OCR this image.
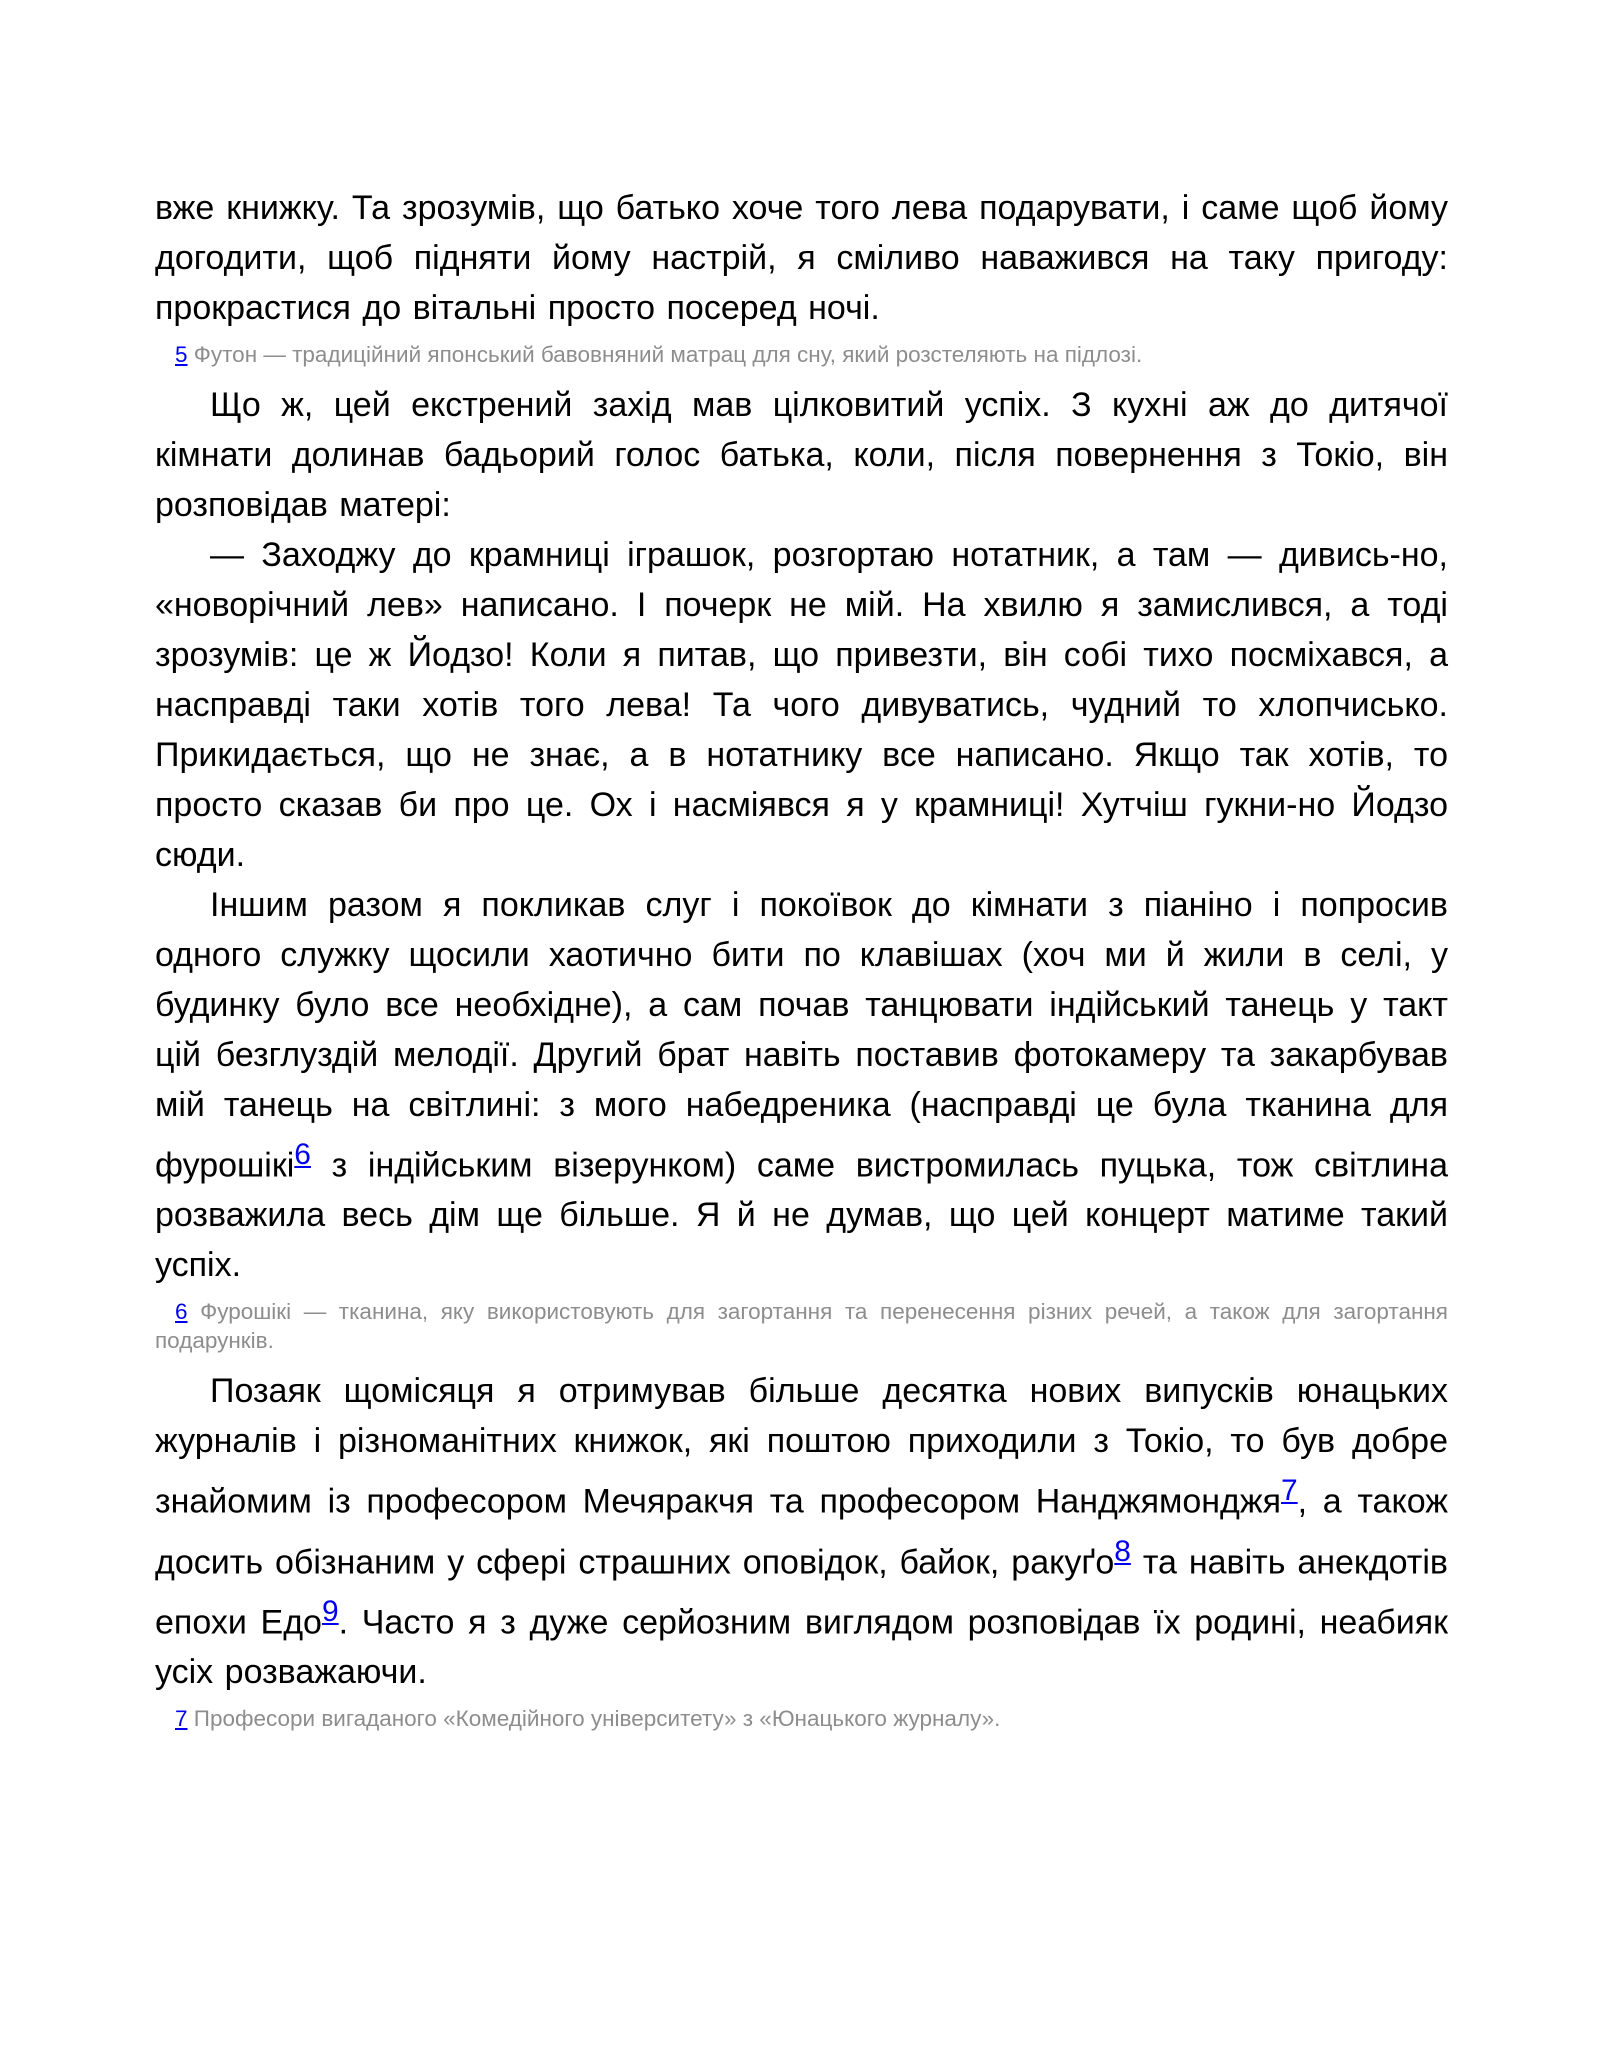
вже книжку. Та зрозумів, що батько хоче того лева подарувати, і саме щоб йому догодити, щоб підняти йому настрій, я сміливо наважився на таку пригоду: прокрастися до вітальні просто посеред ночі.

5 Футон — традиційний японський бавовняний матрац для сну, який розстеляють на підлозі.

Що ж, цей екстрений захід мав цілковитий успіх. З кухні аж до дитячої кімнати долинав бадьорий голос батька, коли, після повернення з Токіо, він розповідав матері:

— Заходжу до крамниці іграшок, розгортаю нотатник, а там — дивись-но, «новорічний лев» написано. І почерк не мій. На хвилю я замислився, а тоді зрозумів: це ж Йодзо! Коли я питав, що привезти, він собі тихо посміхався, а насправді таки хотів того лева! Та чого дивуватись, чудний то хлопчисько. Прикидається, що не знає, а в нотатнику все написано. Якщо так хотів, то просто сказав би про це. Ох і насміявся я у крамниці! Хутчіш гукни-но Йодзо сюди.

Іншим разом я покликав слуг і покоївок до кімнати з піаніно і попросив одного служку щосили хаотично бити по клавішах (хоч ми й жили в селі, у будинку було все необхідне), а сам почав танцювати індійський танець у такт цій безглуздій мелодії. Другий брат навіть поставив фотокамеру та закарбував мій танець на світлині: з мого набедреника (насправді це була тканина для фурошікі$^6$ з індійським візерунком) саме вистромилась пуцька, тож світлина розважила весь дім ще більше. Я й не думав, що цей концерт матиме такий успіх.

6 Фурошікі — тканина, яку використовують для загортання та перенесення різних речей, а також для загортання подарунків.

Позаяк щомісяця я отримував більше десятка нових випусків юнацьких журналів і різноманітних книжок, які поштою приходили з Токіо, то був добре знайомим із професором Мечяракчя та професором Нанджямонджя$^7$, а також досить обізнаним у сфері страшних оповідок, байок, ракуґо$^8$ та навіть анекдотів епохи Едо$^9$. Часто я з дуже серйозним виглядом розповідав їх родині, неабияк усіх розважаючи.

7 Професори вигаданого «Комедійного університету» з «Юнацького журналу».
